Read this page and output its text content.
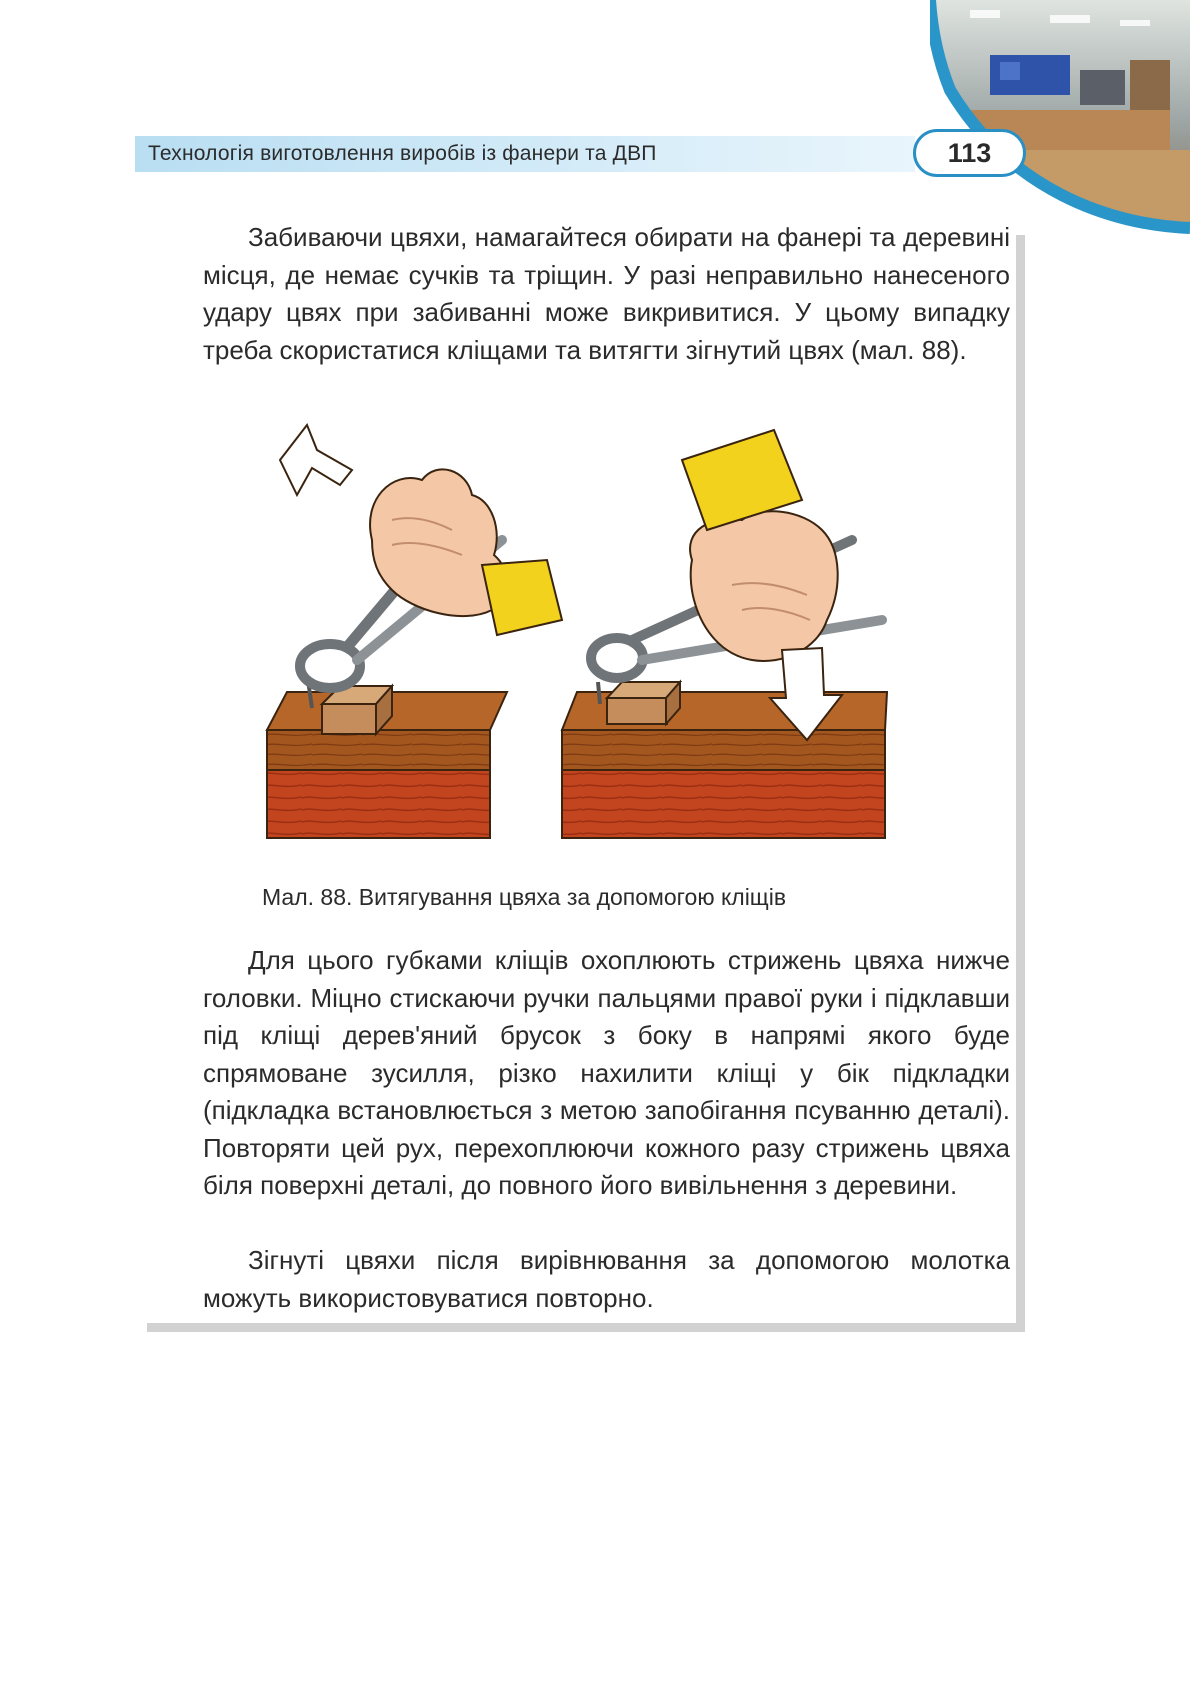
Технологія виготовлення виробів із фанери та ДВП	113

Забиваючи цвяхи, намагайтеся обирати на фанері та деревині місця, де немає сучків та тріщин. У разі неправильно нанесеного удару цвях при забиванні може викривитися. У цьому випадку треба скористатися кліщами та витягти зігнутий цвях (мал. 88).

Мал. 88. Витягування цвяха за допомогою кліщів

Для цього губками кліщів охоплюють стрижень цвяха нижче головки. Міцно стискаючи ручки пальцями правої руки і підклавши під кліщі дерев'яний брусок з боку в напрямі якого буде спрямоване зусилля, різко нахилити кліщі у бік підкладки (підкладка встановлюється з метою запобігання псуванню деталі). Повторяти цей рух, перехоплюючи кожного разу стрижень цвяха біля поверхні деталі, до повного його вивільнення з деревини.

Зігнуті цвяхи після вирівнювання за допомогою молотка можуть використовуватися повторно.
